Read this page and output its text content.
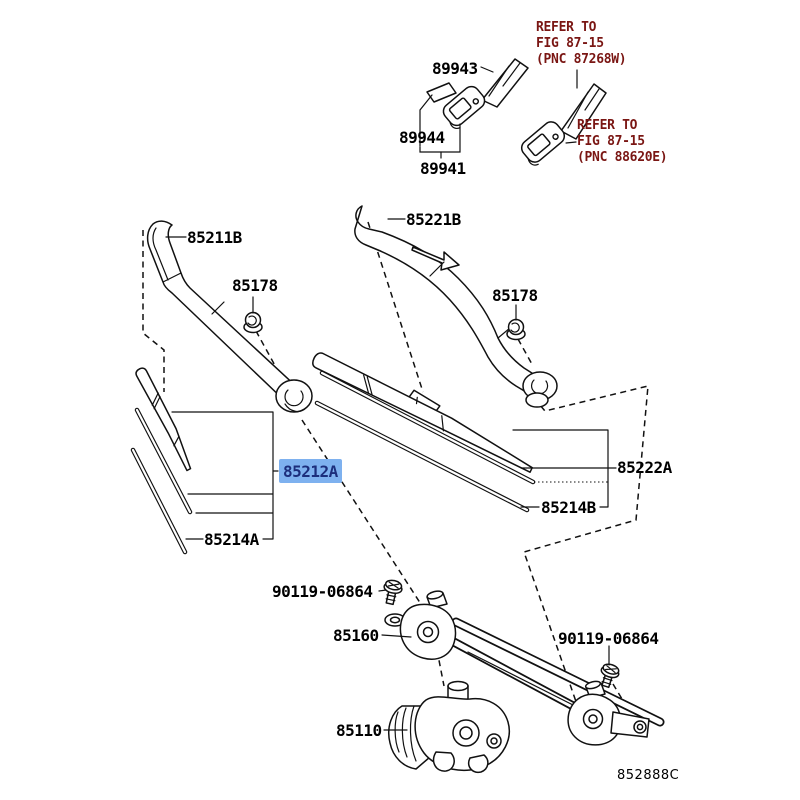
89943
89944
89941
REFER TO
FIG 87-15
(PNC 87268W)
REFER TO
FIG 87-15
(PNC 88620E)
85211B
85178
85221B
85178
85212A	85222A
85214B
85214A
90119-06864
85160	90119-06864
85110
852888C
